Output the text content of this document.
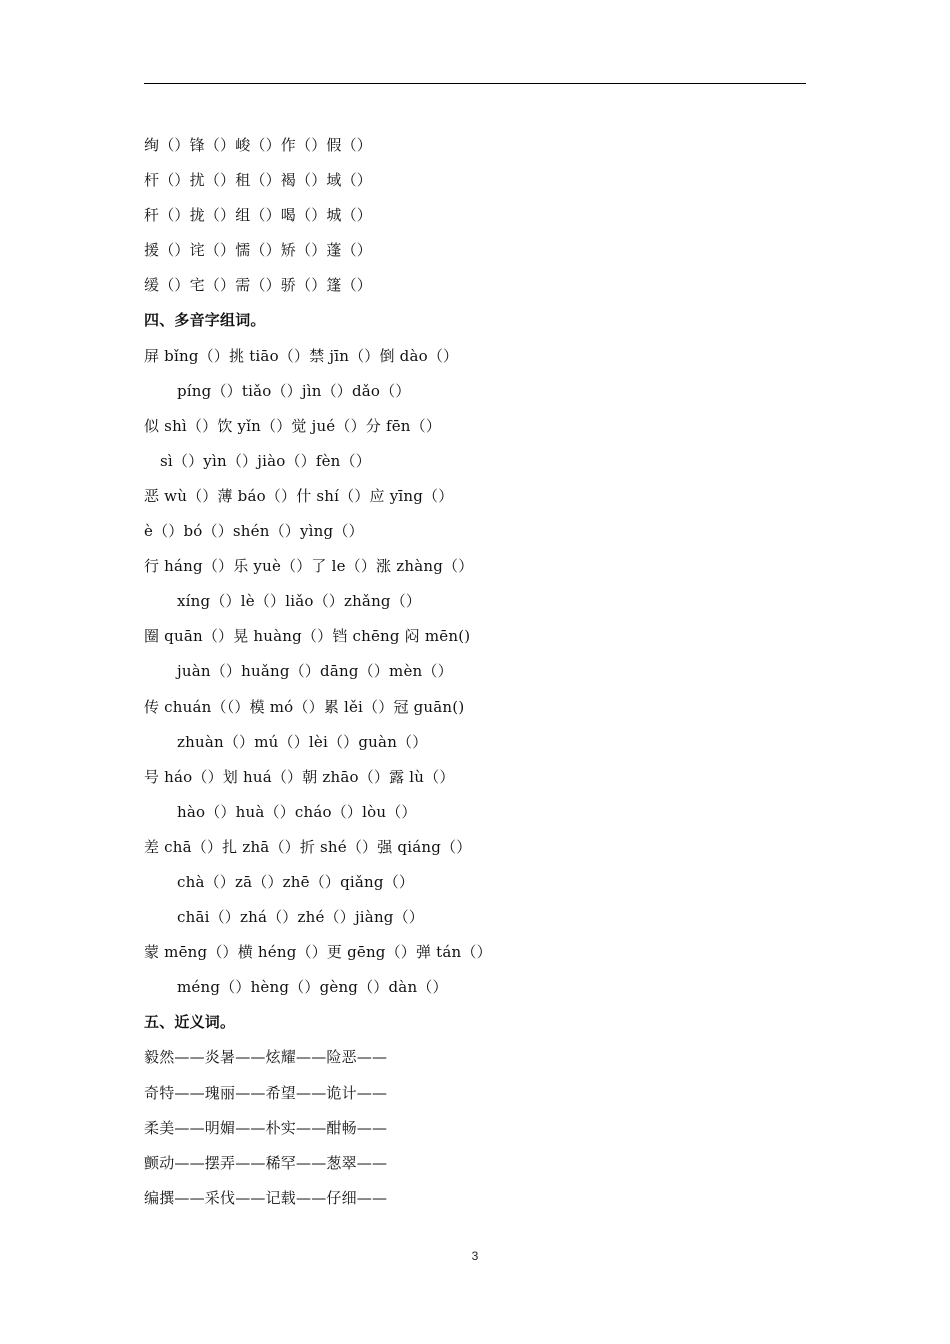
绚（）锋（）峻（）作（）假（）
杆（）扰（）租（）褐（）域（）
秆（）拢（）组（）喝（）城（）
援（）诧（）懦（）矫（）蓬（）
缓（）宅（）需（）骄（）篷（）
四、多音字组词。
屏 bǐng（）挑 tiāo（）禁 jīn（）倒 dào（）
píng（）tiǎo（）jìn（）dǎo（）
似 shì（）饮 yǐn（）觉 jué（）分 fēn（）
sì（）yìn（）jiào（）fèn（）
恶 wù（）薄 báo（）什 shí（）应 yīng（）
è（）bó（）shén（）yìng（）
行 háng（）乐 yuè（）了 le（）涨 zhàng（）
xíng（）lè（）liǎo（）zhǎng（）
圈 quān（）晃 huàng（）铛 chēng 闷 mēn()
juàn（）huǎng（）dāng（）mèn（）
传 chuán（（）模 mó（）累 lěi（）冠 guān()
zhuàn（）mú（）lèi（）guàn（）
号 háo（）划 huá（）朝 zhāo（）露 lù（）
hào（）huà（）cháo（）lòu（）
差 chā（）扎 zhā（）折 shé（）强 qiáng（）
chà（）zā（）zhē（）qiǎng（）
chāi（）zhá（）zhé（）jiàng（）
蒙 mēng（）横 héng（）更 gēng（）弹 tán（）
méng（）hèng（）gèng（）dàn（）
五、近义词。
毅然——炎暑——炫耀——险恶——
奇特——瑰丽——希望——诡计——
柔美——明媚——朴实——酣畅——
颤动——摆弄——稀罕——葱翠——
编撰——采伐——记载——仔细——
3
